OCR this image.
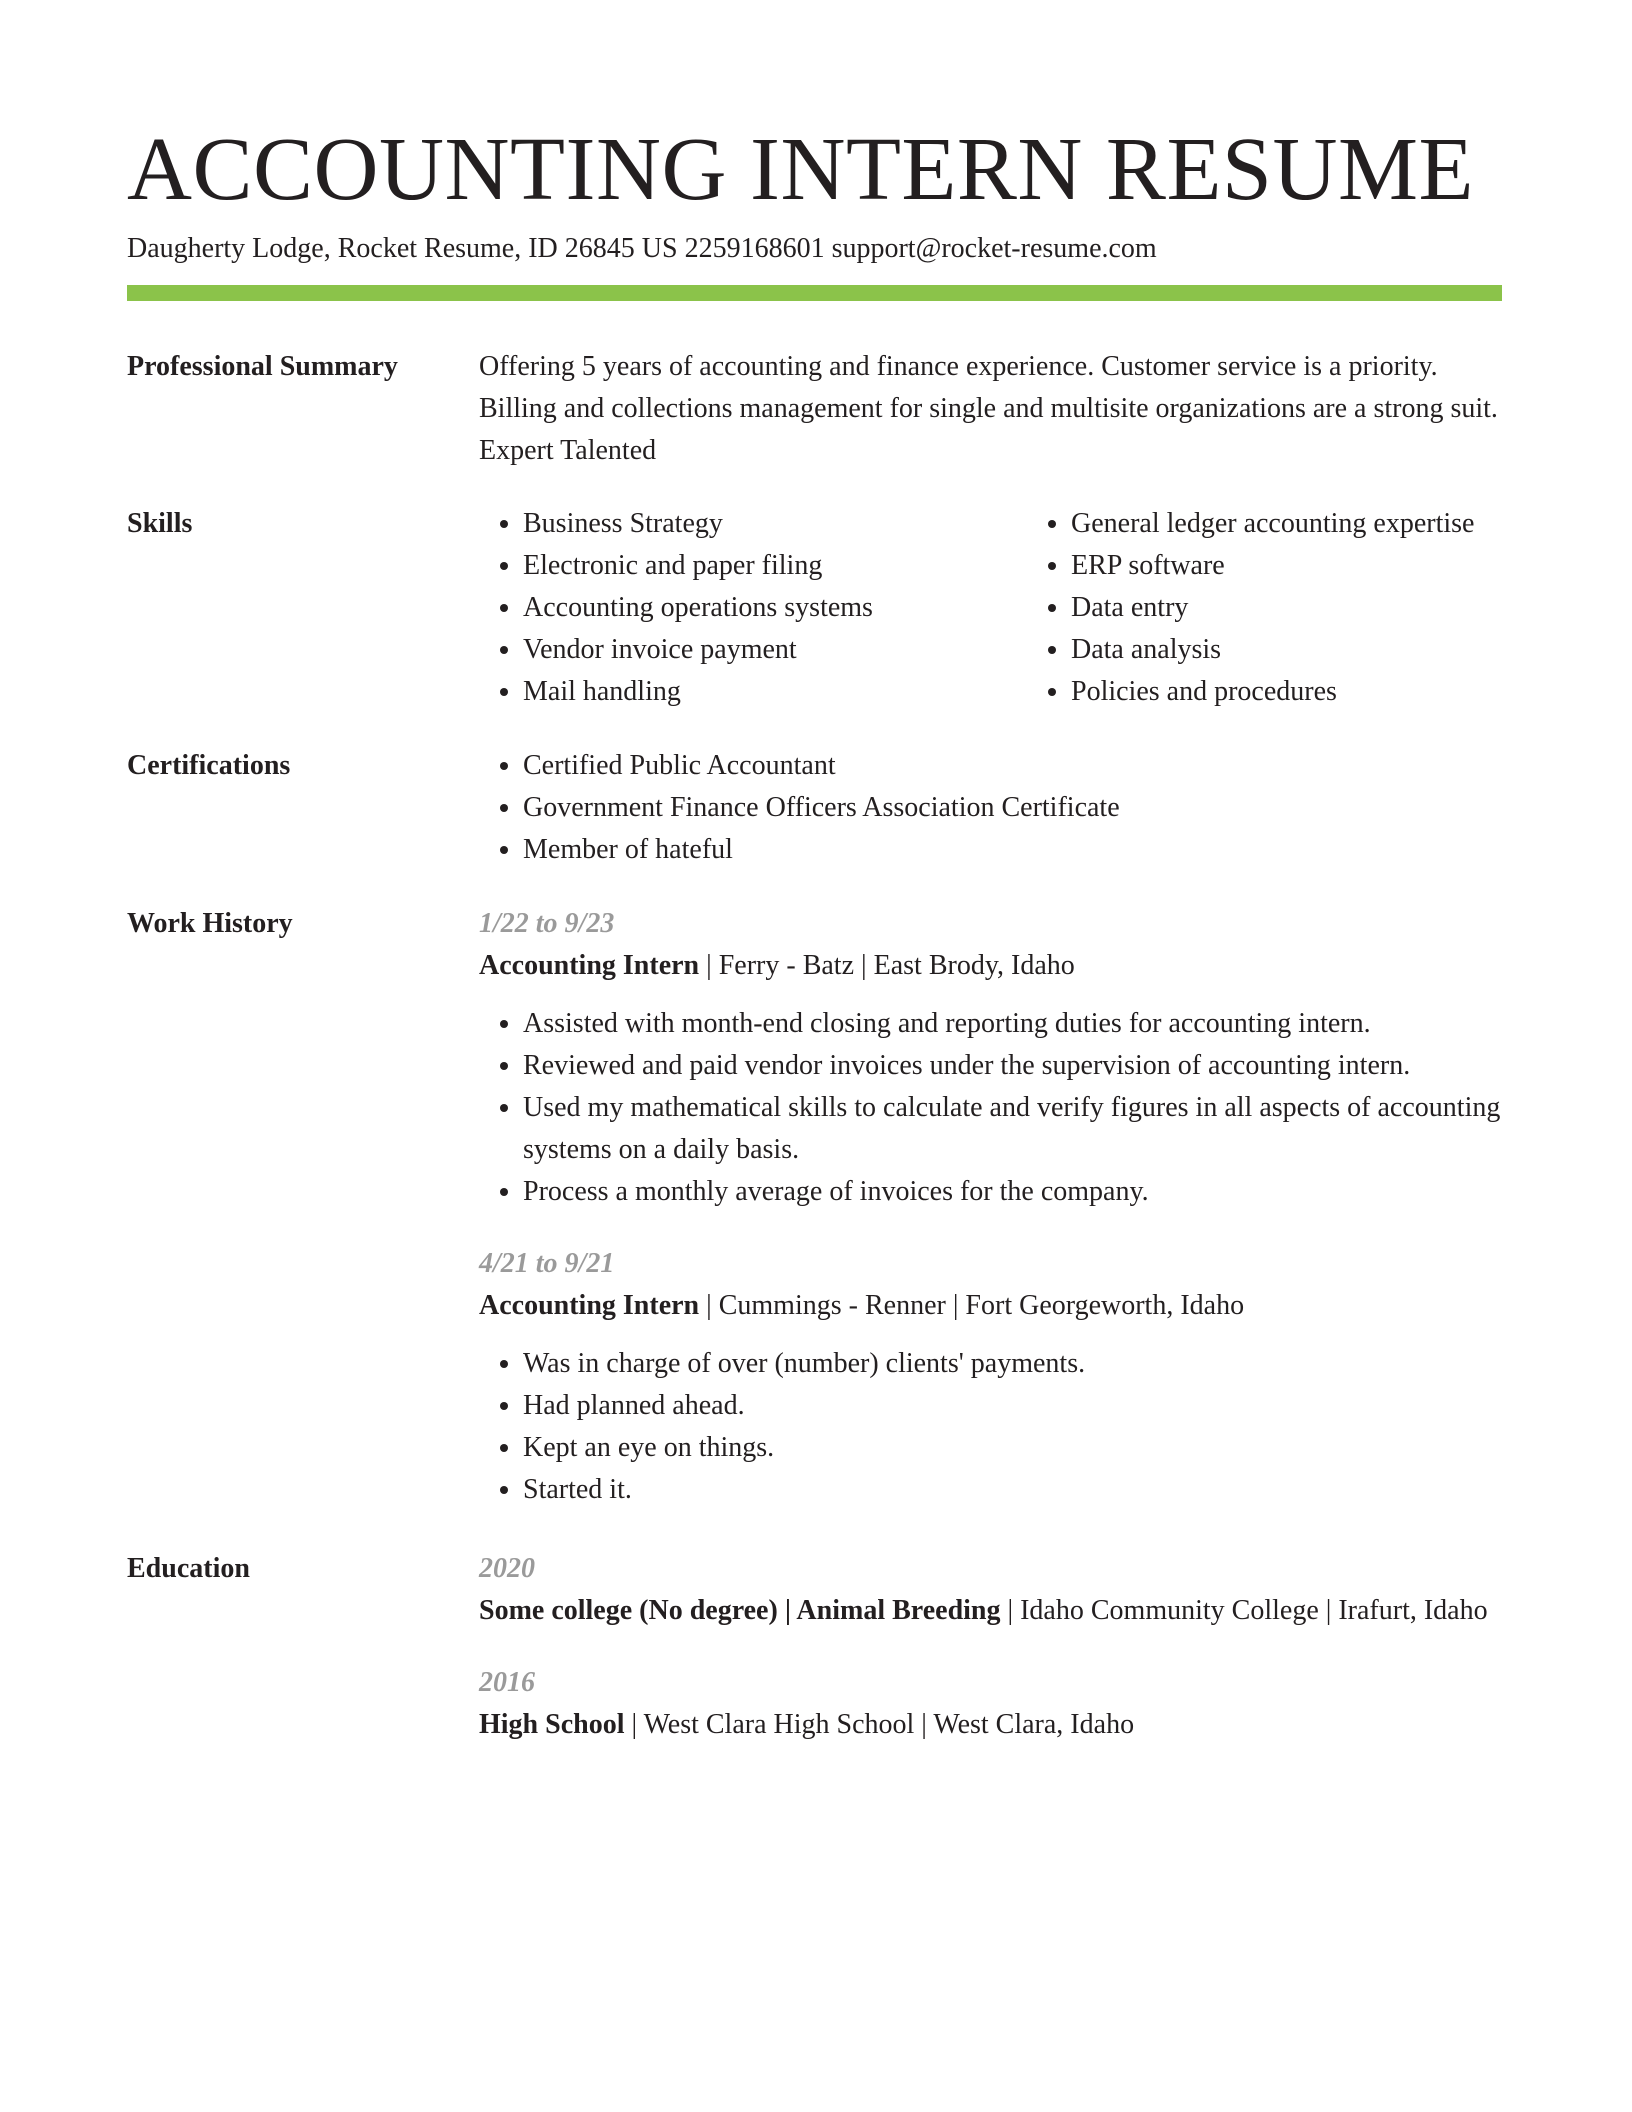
ACCOUNTING INTERN RESUME
Daugherty Lodge, Rocket Resume, ID 26845 US 2259168601 support@rocket-resume.com
Professional Summary	Offering 5 years of accounting and finance experience. Customer service is a priority. Billing and collections management for single and multisite organizations are a strong suit. Expert Talented

Skills	• Business Strategy
• Electronic and paper filing
• Accounting operations systems
• Vendor invoice payment
• Mail handling
• General ledger accounting expertise
• ERP software
• Data entry
• Data analysis
• Policies and procedures
Certifications	• Certified Public Accountant
• Government Finance Officers Association Certificate
• Member of hateful
Work History	1/22 to 9/23
Accounting Intern | Ferry - Batz | East Brody, Idaho
• Assisted with month-end closing and reporting duties for accounting intern.
• Reviewed and paid vendor invoices under the supervision of accounting intern.
• Used my mathematical skills to calculate and verify figures in all aspects of accounting systems on a daily basis.
• Process a monthly average of invoices for the company.
4/21 to 9/21
Accounting Intern | Cummings - Renner | Fort Georgeworth, Idaho
• Was in charge of over (number) clients' payments.
• Had planned ahead.
• Kept an eye on things.
• Started it.
Education	2020
Some college (No degree) | Animal Breeding | Idaho Community College | Irafurt, Idaho
2016
High School | West Clara High School | West Clara, Idaho
